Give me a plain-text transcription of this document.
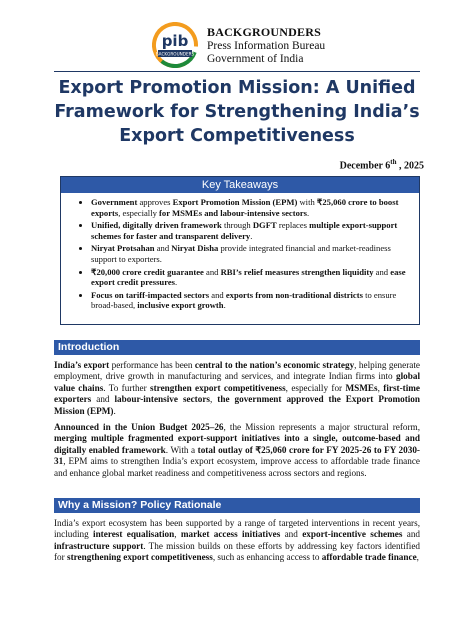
pib
BACKGROUNDERS
BACKGROUNDERS
Press Information Bureau
Government of India
Export Promotion Mission: A Unified
Framework for Strengthening India’s
Export Competitiveness
December 6th , 2025
Key Takeaways
• Government approves Export Promotion Mission (EPM) with ₹25,060 crore to boost exports, especially for MSMEs and labour-intensive sectors.
• Unified, digitally driven framework through DGFT replaces multiple export-support schemes for faster and transparent delivery.
• Niryat Protsahan and Niryat Disha provide integrated financial and market-readiness support to exporters.
• ₹20,000 crore credit guarantee and RBI’s relief measures strengthen liquidity and ease export credit pressures.
• Focus on tariff-impacted sectors and exports from non-traditional districts to ensure broad-based, inclusive export growth.
Introduction
India’s export performance has been central to the nation’s economic strategy, helping generate employment, drive growth in manufacturing and services, and integrate Indian firms into global value chains. To further strengthen export competitiveness, especially for MSMEs, first-time exporters and labour-intensive sectors, the government approved the Export Promotion Mission (EPM).
Announced in the Union Budget 2025–26, the Mission represents a major structural reform, merging multiple fragmented export-support initiatives into a single, outcome-based and digitally enabled framework. With a total outlay of ₹25,060 crore for FY 2025-26 to FY 2030-31, EPM aims to strengthen India’s export ecosystem, improve access to affordable trade finance and enhance global market readiness and competitiveness across sectors and regions.
Why a Mission? Policy Rationale
India’s export ecosystem has been supported by a range of targeted interventions in recent years, including interest equalisation, market access initiatives and export-incentive schemes and infrastructure support. The mission builds on these efforts by addressing key factors identified for strengthening export competitiveness, such as enhancing access to affordable trade finance,
